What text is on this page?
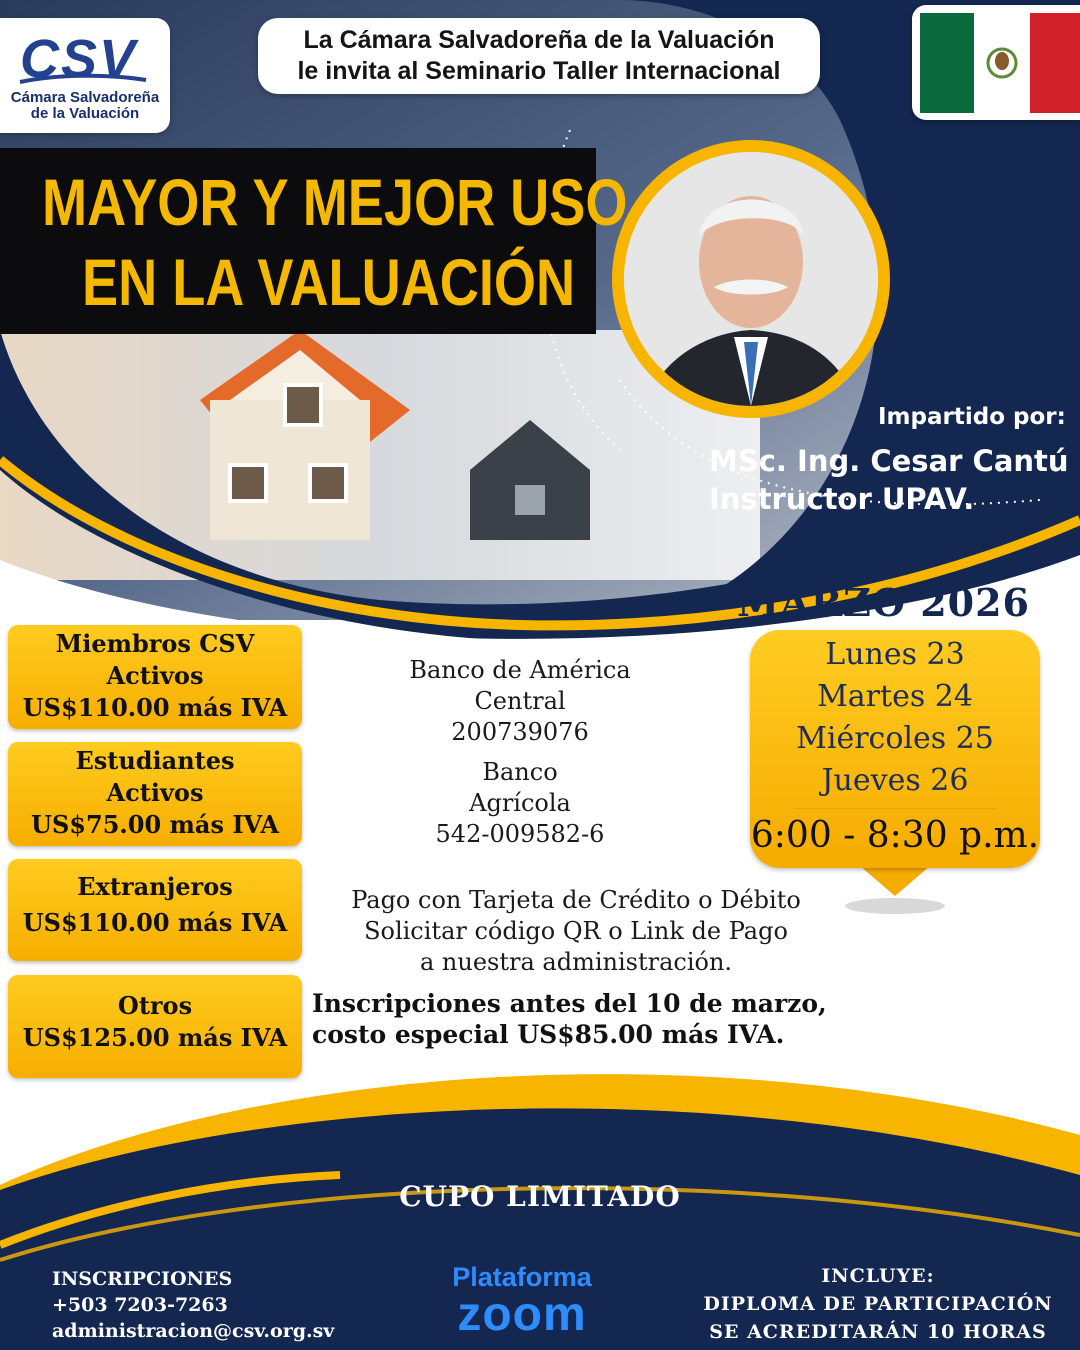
CSV
Cámara Salvadoreña
de la Valuación
La Cámara Salvadoreña de la Valuación
le invita al Seminario Taller Internacional
MAYOR Y MEJOR USO
EN LA VALUACIÓN
Impartido por:
MSc. Ing. Cesar Cantú
Instructor UPAV.
MARZO 2026
Lunes 23
Martes 24
Miércoles 25
Jueves 26
6:00 - 8:30 p.m.
Miembros CSV
Activos
US$110.00 más IVA
Estudiantes
Activos
US$75.00 más IVA
Extranjeros
US$110.00 más IVA
Otros
US$125.00 más IVA
Banco de América
Central
200739076
Banco
Agrícola
542-009582-6
Pago con Tarjeta de Crédito o Débito
Solicitar código QR o Link de Pago
a nuestra administración.
Inscripciones antes del 10 de marzo,
costo especial US$85.00 más IVA.
CUPO LIMITADO
INSCRIPCIONES
+503 7203-7263
administracion@csv.org.sv
Plataforma
zoom
INCLUYE:
DIPLOMA DE PARTICIPACIÓN
SE ACREDITARÁN 10 HORAS
